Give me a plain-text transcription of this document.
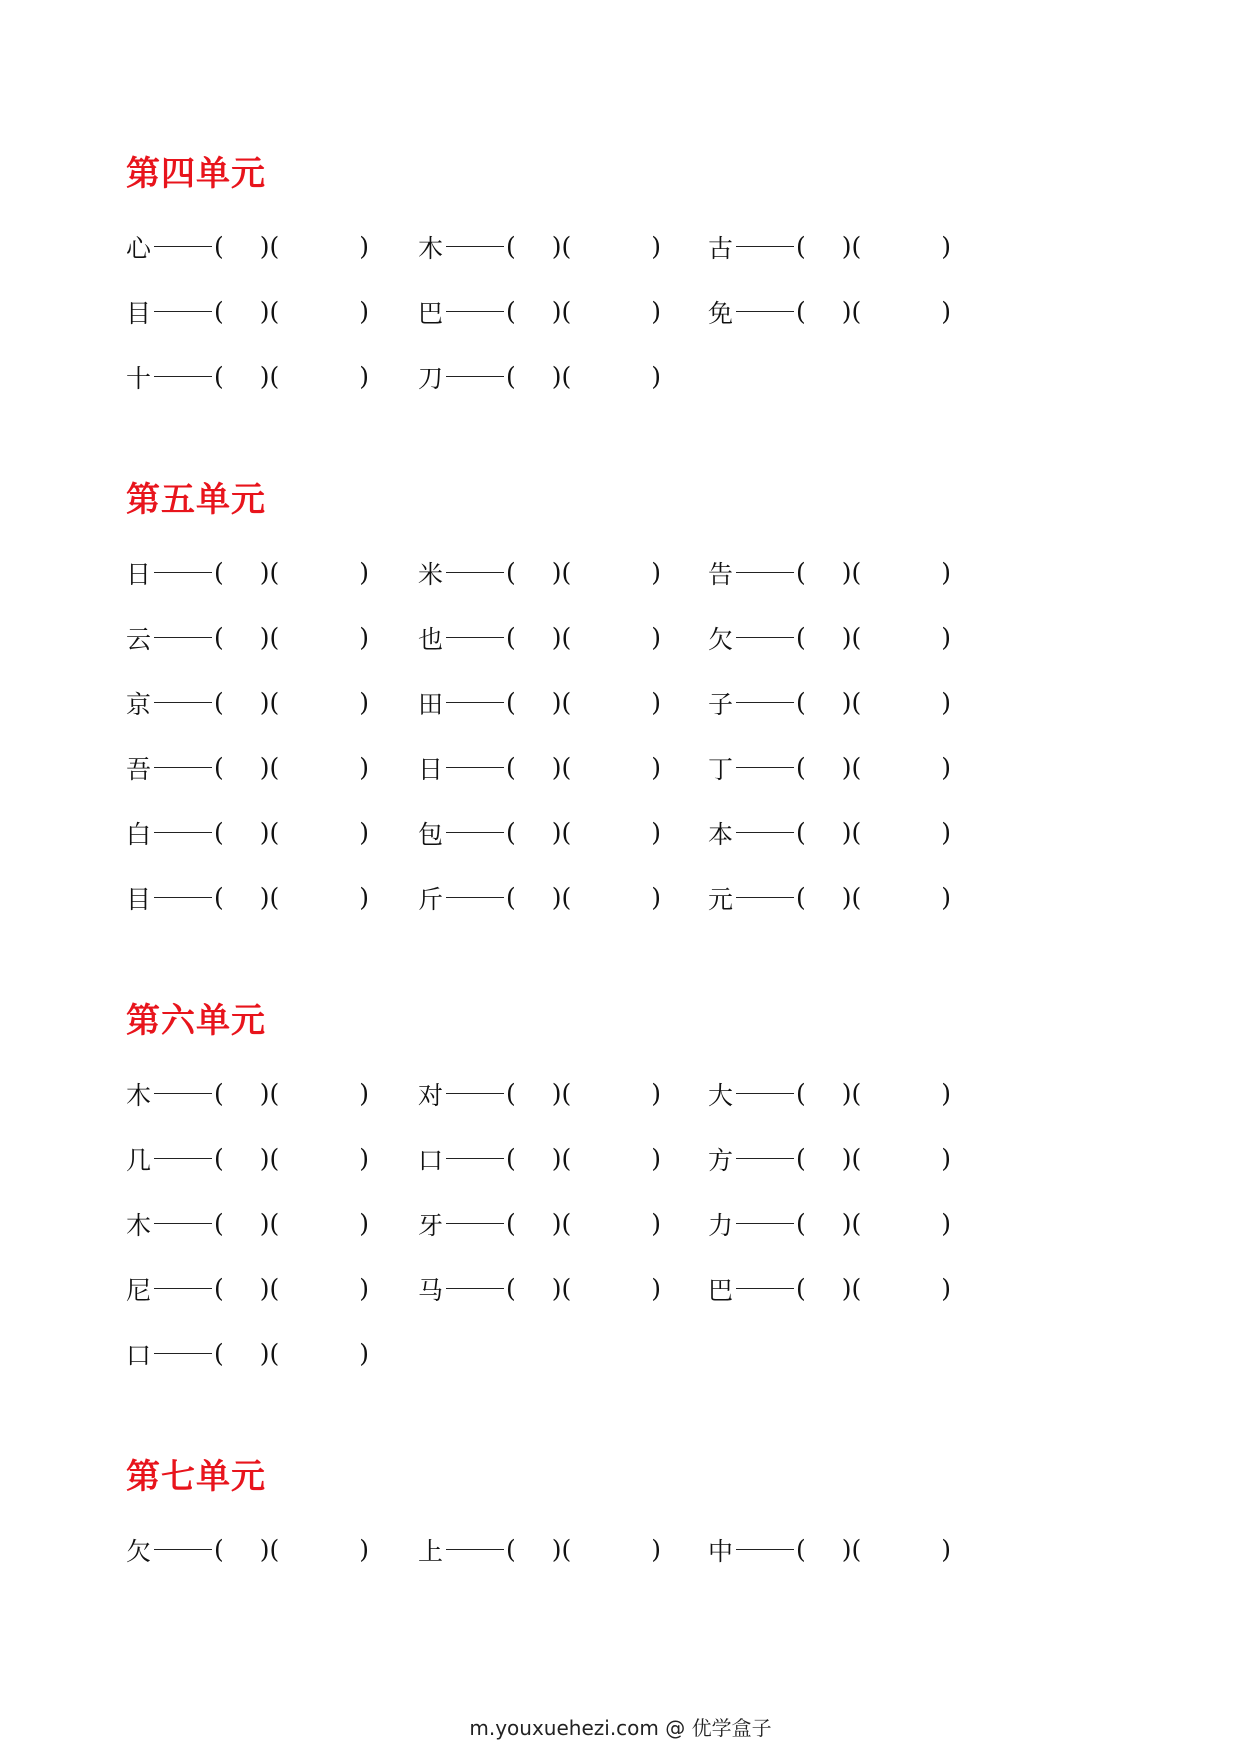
第四单元
心	( ) (	) 木	( ) (	) 古	( ) (	)
目	( ) (	) 巴	( ) (	) 免	( ) (	)
十	( ) (	) 刀	( ) (	)
第五单元
日	( ) (	) 米	( ) (	) 告	( ) (	)
云	( ) (	) 也	( ) (	) 欠	( ) (	)
京	( ) (	) 田	( ) (	) 子	( ) (	)
吾	( ) (	) 日	( ) (	) 丁	( ) (	)
白	( ) (	) 包	( ) (	) 本	( ) (	)
目	( ) (	) 斤	( ) (	) 元	( ) (	)
第六单元
木	( ) (	) 对	( ) (	) 大	( ) (	)
几	( ) (	) 口	( ) (	) 方	( ) (	)
木	( ) (	) 牙	( ) (	) 力	( ) (	)
尼	( ) (	) 马	( ) (	) 巴	( ) (	)
口	( ) (	)
第七单元
欠	( ) (	) 上	( ) (	) 中	( ) (	)
m.youxuehezi.com @ 优学盒子
